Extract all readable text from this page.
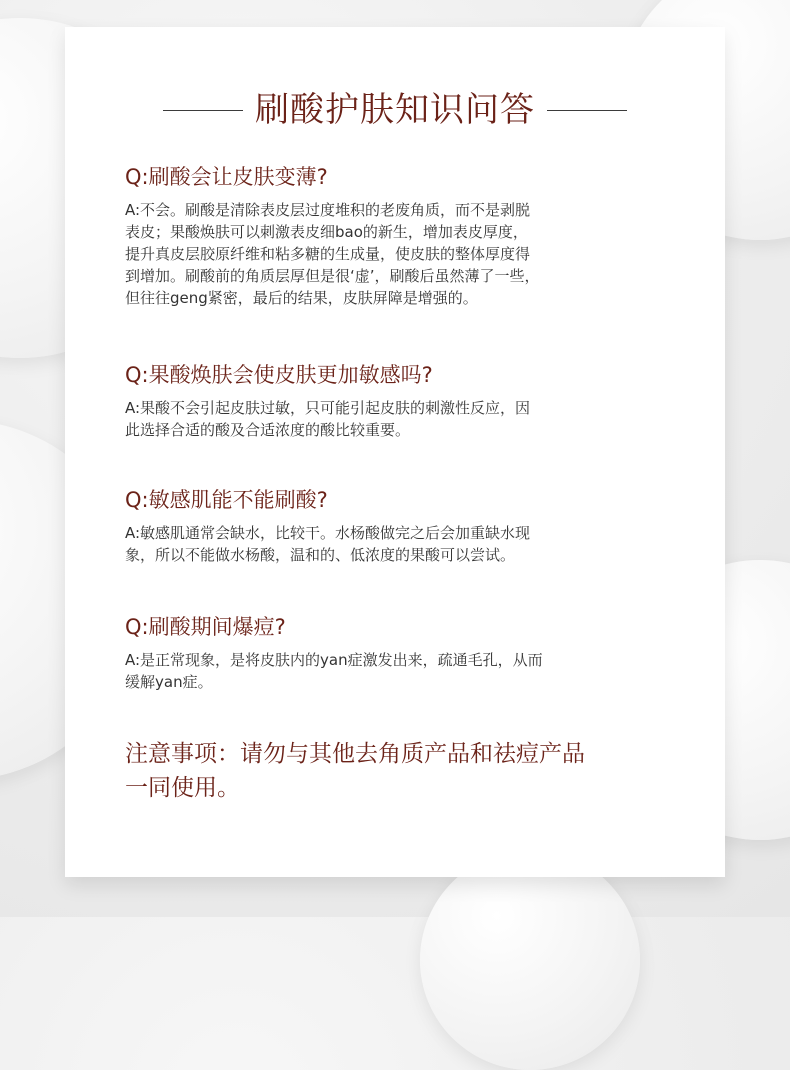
刷酸护肤知识问答
Q:刷酸会让皮肤变薄?
A:不会。刷酸是清除表皮层过度堆积的老废角质，而不是剥脱
表皮；果酸焕肤可以刺激表皮细bao的新生，增加表皮厚度，
提升真皮层胶原纤维和粘多糖的生成量，使皮肤的整体厚度得
到增加。刷酸前的角质层厚但是很‘虚’，刷酸后虽然薄了一些，
但往往geng紧密，最后的结果，皮肤屏障是增强的。
Q:果酸焕肤会使皮肤更加敏感吗?
A:果酸不会引起皮肤过敏，只可能引起皮肤的刺激性反应，因
此选择合适的酸及合适浓度的酸比较重要。
Q:敏感肌能不能刷酸?
A:敏感肌通常会缺水，比较干。水杨酸做完之后会加重缺水现
象，所以不能做水杨酸，温和的、低浓度的果酸可以尝试。
Q:刷酸期间爆痘?
A:是正常现象，是将皮肤内的yan症激发出来，疏通毛孔，从而
缓解yan症。
注意事项：请勿与其他去角质产品和祛痘产品
一同使用。
